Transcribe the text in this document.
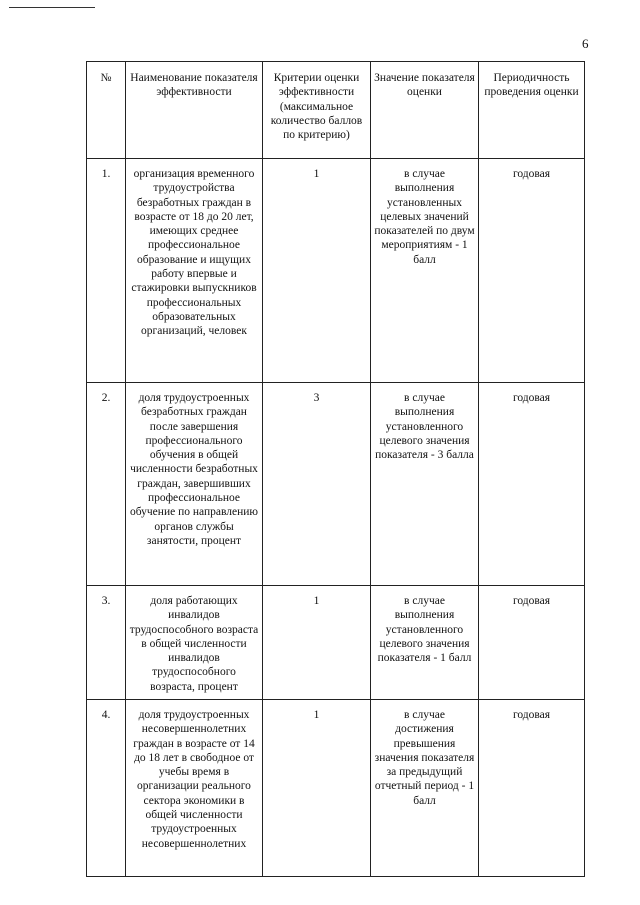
6
№	Наименование показателя эффективности	Критерии оценки эффективности (максимальное количество баллов по критерию)	Значение показателя оценки	Периодичность проведения оценки
1.	организация временного трудоустройства безработных граждан в возрасте от 18 до 20 лет, имеющих среднее профессиональное образование и ищущих работу впервые и стажировки выпускников профессиональных образовательных организаций, человек	1	в случае выполнения установленных целевых значений показателей по двум мероприятиям - 1 балл	годовая
2.	доля трудоустроенных безработных граждан после завершения профессионального обучения в общей численности безработных граждан, завершивших профессиональное обучение по направлению органов службы занятости, процент	3	в случае выполнения установленного целевого значения показателя - 3 балла	годовая
3.	доля работающих инвалидов трудоспособного возраста в общей численности инвалидов трудоспособного возраста, процент	1	в случае выполнения установленного целевого значения показателя - 1 балл	годовая
4.	доля трудоустроенных несовершеннолетних граждан в возрасте от 14 до 18 лет в свободное от учебы время в организации реального сектора экономики в общей численности трудоустроенных несовершеннолетних	1	в случае достижения превышения значения показателя за предыдущий отчетный период - 1 балл	годовая
